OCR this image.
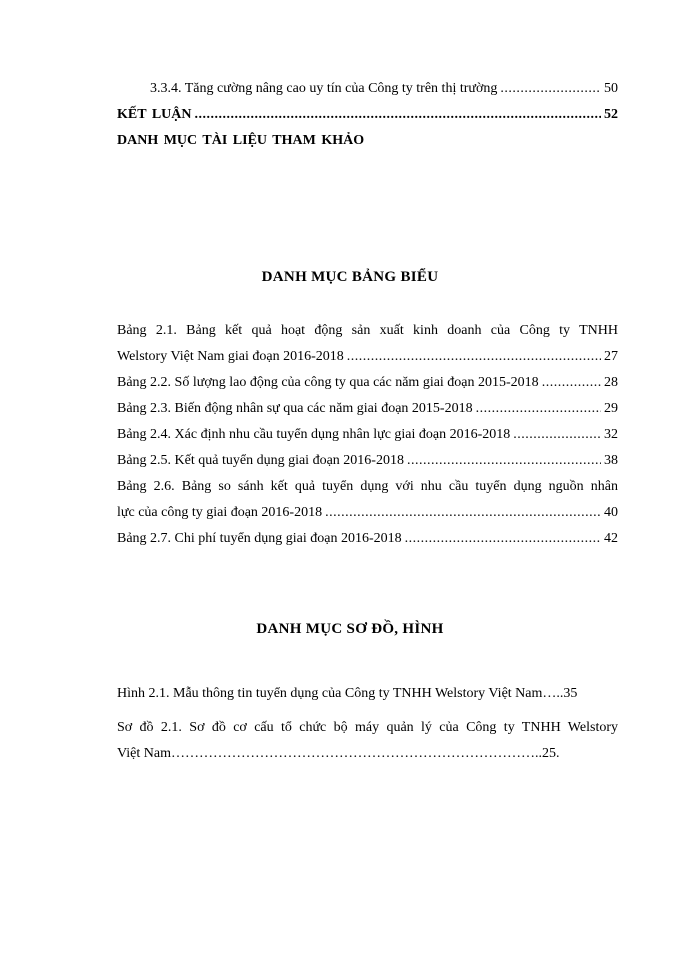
3.3.4. Tăng cường nâng cao uy tín của Công ty trên thị trường .....	50
KẾT LUẬN .....	52
DANH MỤC TÀI LIỆU THAM KHẢO
DANH MỤC BẢNG BIỂU
Bảng 2.1. Bảng kết quả hoạt động sản xuất kinh doanh của Công ty TNHH
Welstory Việt Nam giai đoạn 2016-2018 .....	27
Bảng 2.2. Số lượng lao động của công ty qua các năm giai đoạn 2015-2018 .....	28
Bảng 2.3. Biến động nhân sự qua các năm giai đoạn 2015-2018 .....	29
Bảng 2.4. Xác định nhu cầu tuyển dụng nhân lực giai đoạn 2016-2018 .....	32
Bảng 2.5. Kết quả tuyển dụng giai đoạn 2016-2018 .....	38
Bảng 2.6. Bảng so sánh kết quả tuyển dụng với nhu cầu tuyển dụng nguồn nhân
lực của công ty giai đoạn 2016-2018 .....	40
Bảng 2.7. Chi phí tuyển dụng giai đoạn 2016-2018 .....	42
DANH MỤC SƠ ĐỒ, HÌNH
Hình 2.1. Mẫu thông tin tuyển dụng của Công ty TNHH Welstory Việt Nam…..35
Sơ đồ 2.1. Sơ đồ cơ cấu tổ chức bộ máy quản lý của Công ty TNHH Welstory
Việt Nam……………………………………………………………………..25.
